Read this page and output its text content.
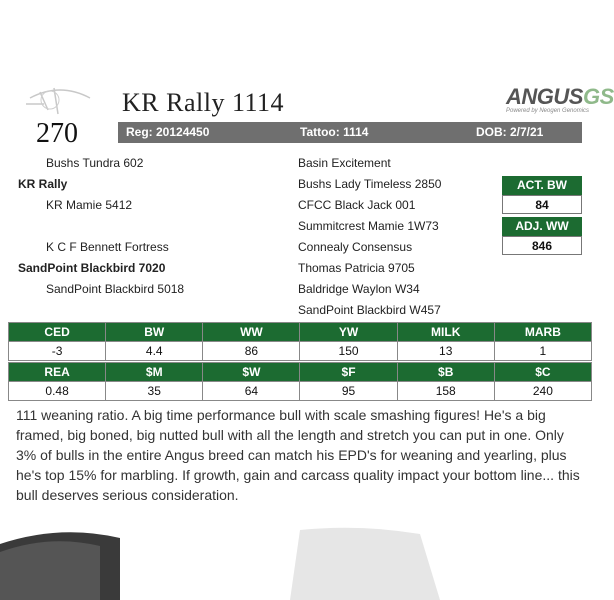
270
KR Rally 1114	ANGUSGS
Powered by Neogen Genomics
Reg: 20124450	Tattoo: 1114	DOB: 2/7/21
Bushs Tundra 602
KR Rally
KR Mamie 5412
K C F Bennett Fortress
SandPoint Blackbird 7020
SandPoint Blackbird 5018
Basin Excitement
Bushs Lady Timeless 2850
CFCC Black Jack 001
Summitcrest Mamie 1W73
Connealy Consensus
Thomas Patricia 9705
Baldridge Waylon W34
SandPoint Blackbird W457
ACT. BW
84
ADJ. WW
846
CED	BW	WW	YW	MILK	MARB
-3	4.4	86	150	13	1
REA	$M	$W	$F	$B	$C
0.48	35	64	95	158	240
111 weaning ratio. A big time performance bull with scale smashing figures! He's a big framed, big boned, big nutted bull with all the length and stretch you can put in one. Only 3% of bulls in the entire Angus breed can match his EPD's for weaning and yearling, plus he's top 15% for marbling. If growth, gain and carcass quality impact your bottom line... this bull deserves serious consideration.
